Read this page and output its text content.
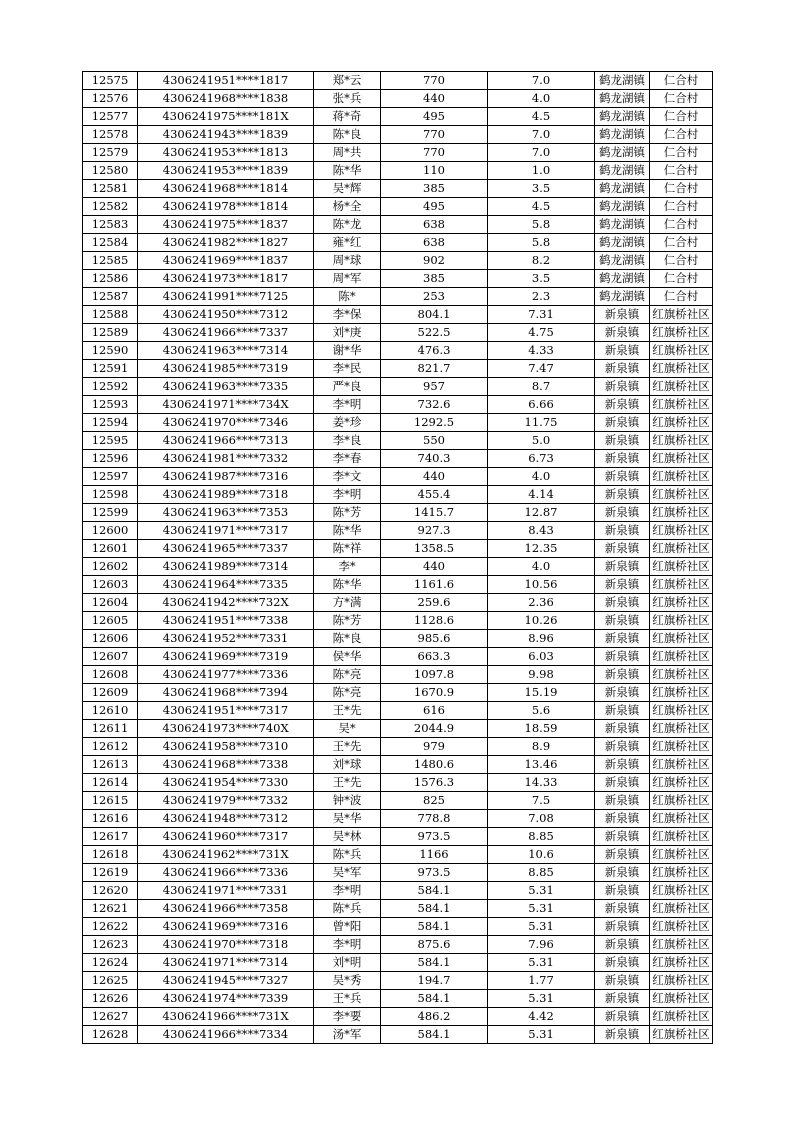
12575	4306241951****1817	郑*云	770	7.0	鹤龙湖镇	仁合村
12576	4306241968****1838	张*兵	440	4.0	鹤龙湖镇	仁合村
12577	4306241975****181X	蒋*奇	495	4.5	鹤龙湖镇	仁合村
12578	4306241943****1839	陈*良	770	7.0	鹤龙湖镇	仁合村
12579	4306241953****1813	周*共	770	7.0	鹤龙湖镇	仁合村
12580	4306241953****1839	陈*华	110	1.0	鹤龙湖镇	仁合村
12581	4306241968****1814	吴*辉	385	3.5	鹤龙湖镇	仁合村
12582	4306241978****1814	杨*全	495	4.5	鹤龙湖镇	仁合村
12583	4306241975****1837	陈*龙	638	5.8	鹤龙湖镇	仁合村
12584	4306241982****1827	雍*红	638	5.8	鹤龙湖镇	仁合村
12585	4306241969****1837	周*球	902	8.2	鹤龙湖镇	仁合村
12586	4306241973****1817	周*军	385	3.5	鹤龙湖镇	仁合村
12587	4306241991****7125	陈*	253	2.3	鹤龙湖镇	仁合村
12588	4306241950****7312	李*保	804.1	7.31	新泉镇	红旗桥社区
12589	4306241966****7337	刘*庚	522.5	4.75	新泉镇	红旗桥社区
12590	4306241963****7314	谢*华	476.3	4.33	新泉镇	红旗桥社区
12591	4306241985****7319	李*民	821.7	7.47	新泉镇	红旗桥社区
12592	4306241963****7335	严*良	957	8.7	新泉镇	红旗桥社区
12593	4306241971****734X	李*明	732.6	6.66	新泉镇	红旗桥社区
12594	4306241970****7346	姜*珍	1292.5	11.75	新泉镇	红旗桥社区
12595	4306241966****7313	李*良	550	5.0	新泉镇	红旗桥社区
12596	4306241981****7332	李*春	740.3	6.73	新泉镇	红旗桥社区
12597	4306241987****7316	李*文	440	4.0	新泉镇	红旗桥社区
12598	4306241989****7318	李*明	455.4	4.14	新泉镇	红旗桥社区
12599	4306241963****7353	陈*芳	1415.7	12.87	新泉镇	红旗桥社区
12600	4306241971****7317	陈*华	927.3	8.43	新泉镇	红旗桥社区
12601	4306241965****7337	陈*祥	1358.5	12.35	新泉镇	红旗桥社区
12602	4306241989****7314	李*	440	4.0	新泉镇	红旗桥社区
12603	4306241964****7335	陈*华	1161.6	10.56	新泉镇	红旗桥社区
12604	4306241942****732X	方*满	259.6	2.36	新泉镇	红旗桥社区
12605	4306241951****7338	陈*芳	1128.6	10.26	新泉镇	红旗桥社区
12606	4306241952****7331	陈*良	985.6	8.96	新泉镇	红旗桥社区
12607	4306241969****7319	侯*华	663.3	6.03	新泉镇	红旗桥社区
12608	4306241977****7336	陈*亮	1097.8	9.98	新泉镇	红旗桥社区
12609	4306241968****7394	陈*亮	1670.9	15.19	新泉镇	红旗桥社区
12610	4306241951****7317	王*先	616	5.6	新泉镇	红旗桥社区
12611	4306241973****740X	吴*	2044.9	18.59	新泉镇	红旗桥社区
12612	4306241958****7310	王*先	979	8.9	新泉镇	红旗桥社区
12613	4306241968****7338	刘*球	1480.6	13.46	新泉镇	红旗桥社区
12614	4306241954****7330	王*先	1576.3	14.33	新泉镇	红旗桥社区
12615	4306241979****7332	钟*波	825	7.5	新泉镇	红旗桥社区
12616	4306241948****7312	吴*华	778.8	7.08	新泉镇	红旗桥社区
12617	4306241960****7317	吴*林	973.5	8.85	新泉镇	红旗桥社区
12618	4306241962****731X	陈*兵	1166	10.6	新泉镇	红旗桥社区
12619	4306241966****7336	吴*军	973.5	8.85	新泉镇	红旗桥社区
12620	4306241971****7331	李*明	584.1	5.31	新泉镇	红旗桥社区
12621	4306241966****7358	陈*兵	584.1	5.31	新泉镇	红旗桥社区
12622	4306241969****7316	曾*阳	584.1	5.31	新泉镇	红旗桥社区
12623	4306241970****7318	李*明	875.6	7.96	新泉镇	红旗桥社区
12624	4306241971****7314	刘*明	584.1	5.31	新泉镇	红旗桥社区
12625	4306241945****7327	吴*秀	194.7	1.77	新泉镇	红旗桥社区
12626	4306241974****7339	王*兵	584.1	5.31	新泉镇	红旗桥社区
12627	4306241966****731X	李*要	486.2	4.42	新泉镇	红旗桥社区
12628	4306241966****7334	汤*军	584.1	5.31	新泉镇	红旗桥社区
